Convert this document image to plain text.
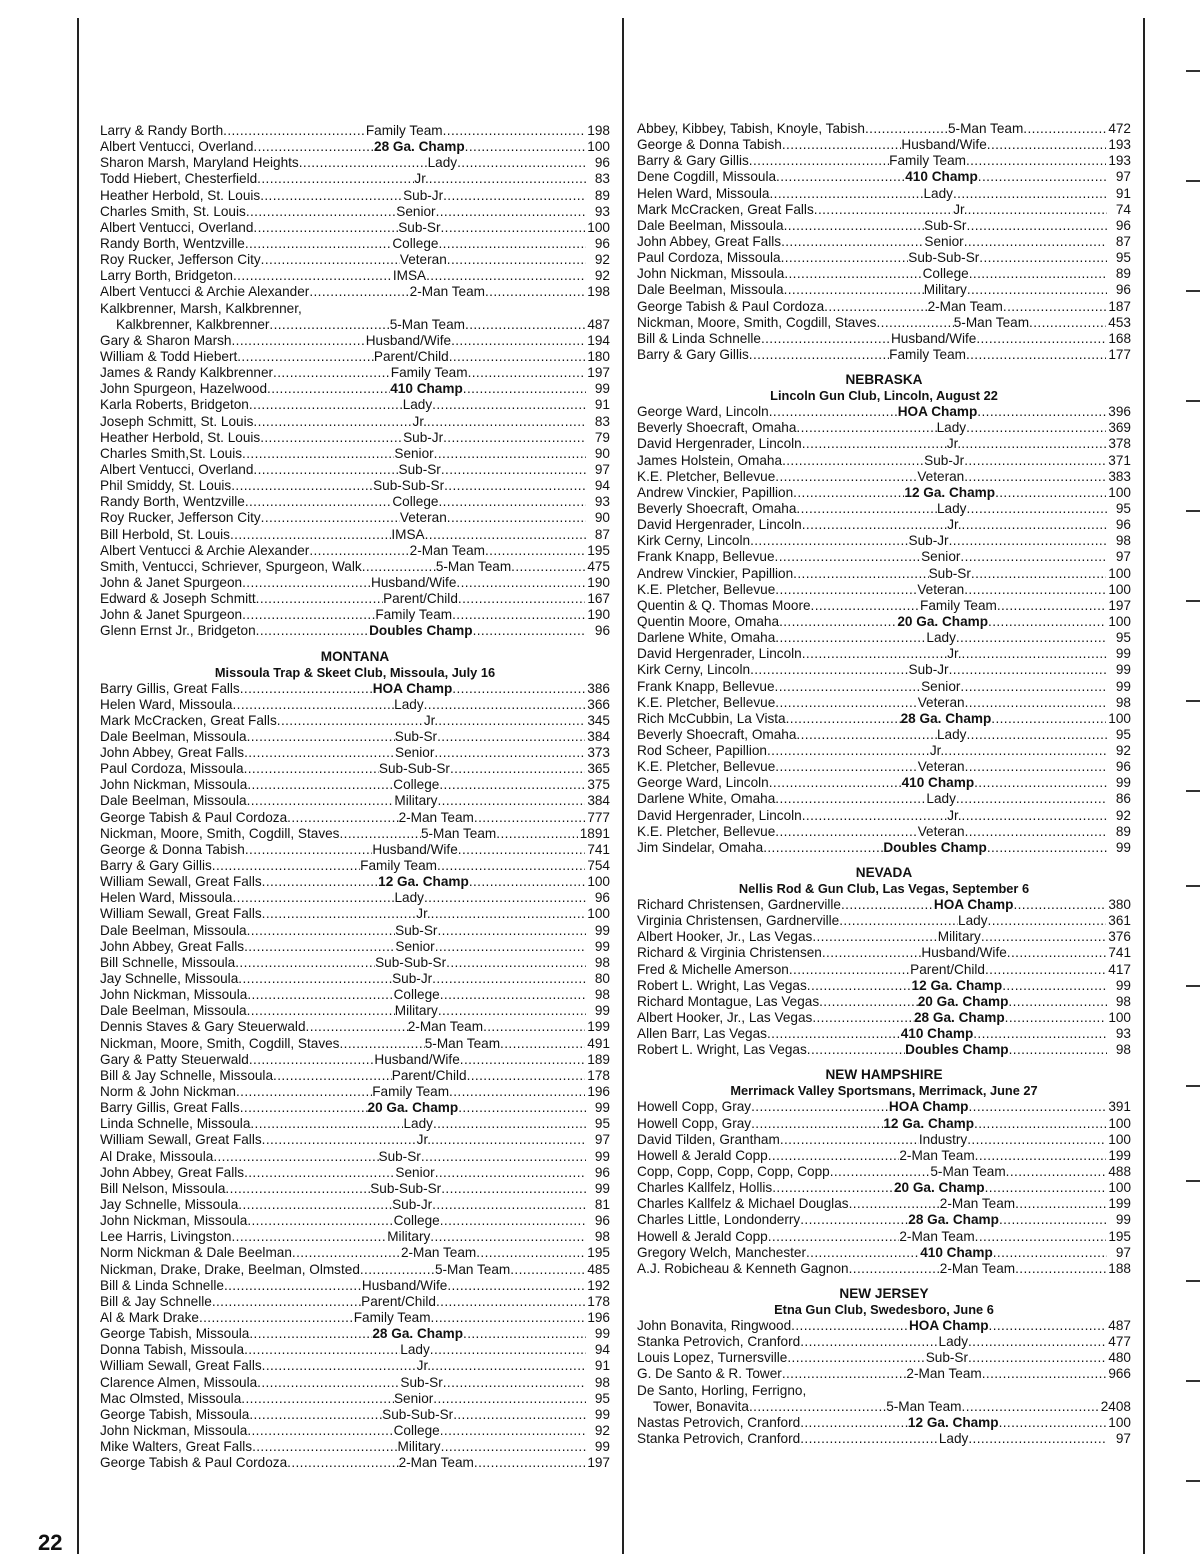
Larry & Randy Borth .....	Family Team .....	198
Albert Ventucci, Overland .....	28 Ga. Champ .....	100
Sharon Marsh, Maryland Heights .....	Lady .....	96
Todd Hiebert, Chesterfield .....	Jr. .....	83
Heather Herbold, St. Louis .....	Sub-Jr .....	89
Charles Smith, St. Louis .....	Senior .....	93
Albert Ventucci, Overland .....	Sub-Sr .....	100
Randy Borth, Wentzville .....	College .....	96
Roy Rucker, Jefferson City .....	Veteran .....	92
Larry Borth, Bridgeton .....	IMSA .....	92
Albert Ventucci & Archie Alexander .....	2-Man Team .....	198
Kalkbrenner, Marsh, Kalkbrenner,
Kalkbrenner, Kalkbrenner .....	5-Man Team .....	487
Gary & Sharon Marsh .....	Husband/Wife .....	194
William & Todd Hiebert .....	Parent/Child .....	180
James & Randy Kalkbrenner .....	Family Team .....	197
John Spurgeon, Hazelwood .....	410 Champ .....	99
Karla Roberts, Bridgeton .....	Lady .....	91
Joseph Schmitt, St. Louis .....	Jr. .....	83
Heather Herbold, St. Louis .....	Sub-Jr .....	79
Charles Smith,St. Louis .....	Senior .....	90
Albert Ventucci, Overland .....	Sub-Sr .....	97
Phil Smiddy, St. Louis .....	Sub-Sub-Sr .....	94
Randy Borth, Wentzville .....	College .....	93
Roy Rucker, Jefferson City .....	Veteran .....	90
Bill Herbold, St. Louis .....	IMSA .....	87
Albert Ventucci & Archie Alexander .....	2-Man Team .....	195
Smith, Ventucci, Schriever, Spurgeon, Walk .....	5-Man Team .....	475
John & Janet Spurgeon .....	Husband/Wife .....	190
Edward & Joseph Schmitt .....	Parent/Child .....	167
John & Janet Spurgeon .....	Family Team .....	190
Glenn Ernst Jr., Bridgeton .....	Doubles Champ .....	96
MONTANA
Missoula Trap & Skeet Club, Missoula, July 16
Barry Gillis, Great Falls .....	HOA Champ .....	386
Helen Ward, Missoula .....	Lady .....	366
Mark McCracken, Great Falls .....	Jr. .....	345
Dale Beelman, Missoula .....	Sub-Sr .....	384
John Abbey, Great Falls .....	Senior .....	373
Paul Cordoza, Missoula .....	Sub-Sub-Sr .....	365
John Nickman, Missoula .....	College .....	375
Dale Beelman, Missoula .....	Military .....	384
George Tabish & Paul Cordoza .....	2-Man Team .....	777
Nickman, Moore, Smith, Cogdill, Staves .....	5-Man Team .....	1891
George & Donna Tabish .....	Husband/Wife .....	741
Barry & Gary Gillis .....	Family Team .....	754
William Sewall, Great Falls .....	12 Ga. Champ .....	100
Helen Ward, Missoula .....	Lady .....	96
William Sewall, Great Falls .....	Jr. .....	100
Dale Beelman, Missoula .....	Sub-Sr .....	99
John Abbey, Great Falls .....	Senior .....	99
Bill Schnelle, Missoula .....	Sub-Sub-Sr .....	98
Jay Schnelle, Missoula .....	Sub-Jr .....	80
John Nickman, Missoula .....	College .....	98
Dale Beelman, Missoula .....	Military .....	99
Dennis Staves & Gary Steuerwald .....	2-Man Team .....	199
Nickman, Moore, Smith, Cogdill, Staves .....	5-Man Team .....	491
Gary & Patty Steuerwald .....	Husband/Wife .....	189
Bill & Jay Schnelle, Missoula .....	Parent/Child .....	178
Norm & John Nickman .....	Family Team .....	196
Barry Gillis, Great Falls .....	20 Ga. Champ .....	99
Linda Schnelle, Missoula .....	Lady .....	95
William Sewall, Great Falls .....	Jr. .....	97
Al Drake, Missoula .....	Sub-Sr .....	99
John Abbey, Great Falls .....	Senior .....	96
Bill Nelson, Missoula .....	Sub-Sub-Sr .....	99
Jay Schnelle, Missoula .....	Sub-Jr .....	81
John Nickman, Missoula .....	College .....	96
Lee Harris, Livingston .....	Military .....	98
Norm Nickman & Dale Beelman .....	2-Man Team .....	195
Nickman, Drake, Drake, Beelman, Olmsted .....	5-Man Team .....	485
Bill & Linda Schnelle .....	Husband/Wife .....	192
Bill & Jay Schnelle .....	Parent/Child .....	178
Al & Mark Drake .....	Family Team .....	196
George Tabish, Missoula .....	28 Ga. Champ .....	99
Donna Tabish, Missoula .....	Lady .....	94
William Sewall, Great Falls .....	Jr. .....	91
Clarence Almen, Missoula .....	Sub-Sr .....	98
Mac Olmsted, Missoula .....	Senior .....	95
George Tabish, Missoula .....	Sub-Sub-Sr .....	99
John Nickman, Missoula .....	College .....	92
Mike Walters, Great Falls .....	Military .....	99
George Tabish & Paul Cordoza .....	2-Man Team .....	197
Abbey, Kibbey, Tabish, Knoyle, Tabish .....	5-Man Team .....	472
George & Donna Tabish .....	Husband/Wife .....	193
Barry & Gary Gillis .....	Family Team .....	193
Dene Cogdill, Missoula .....	410 Champ .....	97
Helen Ward, Missoula .....	Lady .....	91
Mark McCracken, Great Falls .....	Jr. .....	74
Dale Beelman, Missoula .....	Sub-Sr .....	96
John Abbey, Great Falls .....	Senior .....	87
Paul Cordoza, Missoula .....	Sub-Sub-Sr .....	95
John Nickman, Missoula .....	College .....	89
Dale Beelman, Missoula .....	Military .....	96
George Tabish & Paul Cordoza .....	2-Man Team .....	187
Nickman, Moore, Smith, Cogdill, Staves .....	5-Man Team .....	453
Bill & Linda Schnelle .....	Husband/Wife .....	168
Barry & Gary Gillis .....	Family Team .....	177
NEBRASKA
Lincoln Gun Club, Lincoln, August 22
George Ward, Lincoln .....	HOA Champ .....	396
Beverly Shoecraft, Omaha .....	Lady .....	369
David Hergenrader, Lincoln .....	Jr. .....	378
James Holstein, Omaha .....	Sub-Jr .....	371
K.E. Pletcher, Bellevue .....	Veteran .....	383
Andrew Vinckier, Papillion .....	12 Ga. Champ .....	100
Beverly Shoecraft, Omaha .....	Lady .....	95
David Hergenrader, Lincoln .....	Jr. .....	96
Kirk Cerny, Lincoln .....	Sub-Jr .....	98
Frank Knapp, Bellevue .....	Senior .....	97
Andrew Vinckier, Papillion .....	Sub-Sr .....	100
K.E. Pletcher, Bellevue .....	Veteran .....	100
Quentin & Q. Thomas Moore .....	Family Team .....	197
Quentin Moore, Omaha .....	20 Ga. Champ .....	100
Darlene White, Omaha .....	Lady .....	95
David Hergenrader, Lincoln .....	Jr. .....	99
Kirk Cerny, Lincoln .....	Sub-Jr .....	99
Frank Knapp, Bellevue .....	Senior .....	99
K.E. Pletcher, Bellevue .....	Veteran .....	98
Rich McCubbin, La Vista .....	28 Ga. Champ .....	100
Beverly Shoecraft, Omaha .....	Lady .....	95
Rod Scheer, Papillion .....	Jr. .....	92
K.E. Pletcher, Bellevue .....	Veteran .....	96
George Ward, Lincoln .....	410 Champ .....	99
Darlene White, Omaha .....	Lady .....	86
David Hergenrader, Lincoln .....	Jr. .....	92
K.E. Pletcher, Bellevue .....	Veteran .....	89
Jim Sindelar, Omaha .....	Doubles Champ .....	99
NEVADA
Nellis Rod & Gun Club, Las Vegas, September 6
Richard Christensen, Gardnerville .....	HOA Champ .....	380
Virginia Christensen, Gardnerville .....	Lady .....	361
Albert Hooker, Jr., Las Vegas .....	Military .....	376
Richard & Virginia Christensen .....	Husband/Wife .....	741
Fred & Michelle Amerson .....	Parent/Child .....	417
Robert L. Wright, Las Vegas .....	12 Ga. Champ .....	99
Richard Montague, Las Vegas .....	20 Ga. Champ .....	98
Albert Hooker, Jr., Las Vegas .....	28 Ga. Champ .....	100
Allen Barr, Las Vegas .....	410 Champ .....	93
Robert L. Wright, Las Vegas .....	Doubles Champ .....	98
NEW HAMPSHIRE
Merrimack Valley Sportsmans, Merrimack, June 27
Howell Copp, Gray .....	HOA Champ .....	391
Howell Copp, Gray .....	12 Ga. Champ .....	100
David Tilden, Grantham .....	Industry .....	100
Howell & Jerald Copp .....	2-Man Team .....	199
Copp, Copp, Copp, Copp, Copp .....	5-Man Team .....	488
Charles Kallfelz, Hollis .....	20 Ga. Champ .....	100
Charles Kallfelz & Michael Douglas .....	2-Man Team .....	199
Charles Little, Londonderry .....	28 Ga. Champ .....	99
Howell & Jerald Copp .....	2-Man Team .....	195
Gregory Welch, Manchester .....	410 Champ .....	97
A.J. Robicheau & Kenneth Gagnon .....	2-Man Team .....	188
NEW JERSEY
Etna Gun Club, Swedesboro, June 6
John Bonavita, Ringwood .....	HOA Champ .....	487
Stanka Petrovich, Cranford .....	Lady .....	477
Louis Lopez, Turnersville .....	Sub-Sr .....	480
G. De Santo & R. Tower .....	2-Man Team .....	966
De Santo, Horling, Ferrigno,
Tower, Bonavita .....	5-Man Team .....	2408
Nastas Petrovich, Cranford .....	12 Ga. Champ .....	100
Stanka Petrovich, Cranford .....	Lady .....	97
22
